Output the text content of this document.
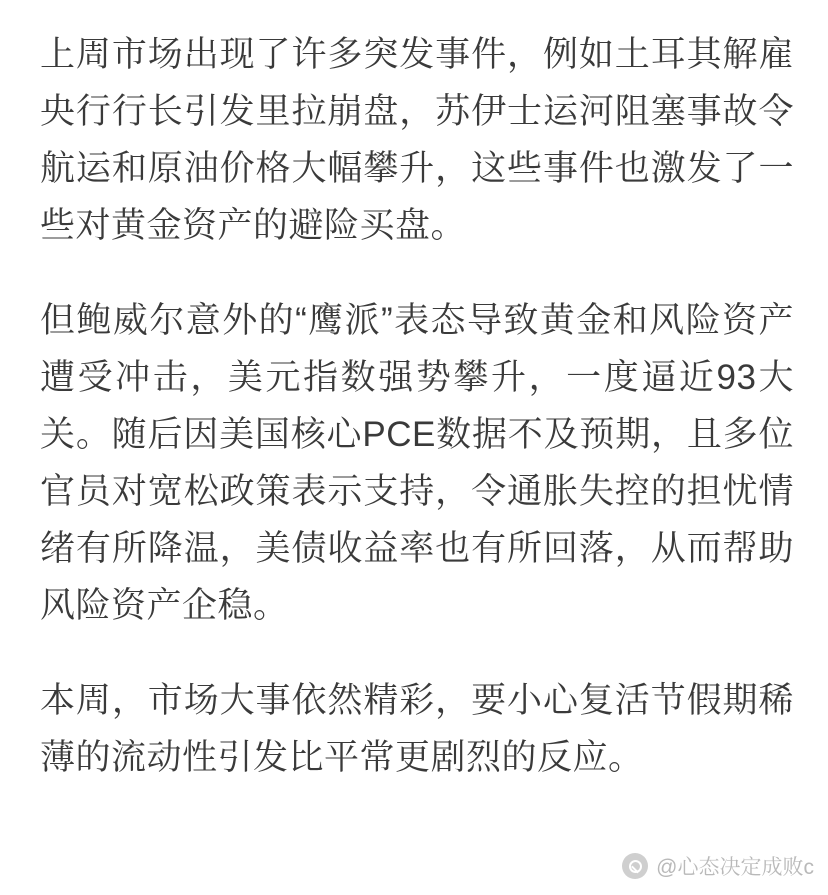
上周市场出现了许多突发事件，例如土耳其解雇央行行长引发里拉崩盘，苏伊士运河阻塞事故令航运和原油价格大幅攀升，这些事件也激发了一些对黄金资产的避险买盘。

但鲍威尔意外的“鹰派”表态导致黄金和风险资产遭受冲击，美元指数强势攀升，一度逼近93大关。随后因美国核心PCE数据不及预期，且多位官员对宽松政策表示支持，令通胀失控的担忧情绪有所降温，美债收益率也有所回落，从而帮助风险资产企稳。

本周，市场大事依然精彩，要小心复活节假期稀薄的流动性引发比平常更剧烈的反应。

@心态决定成败c
